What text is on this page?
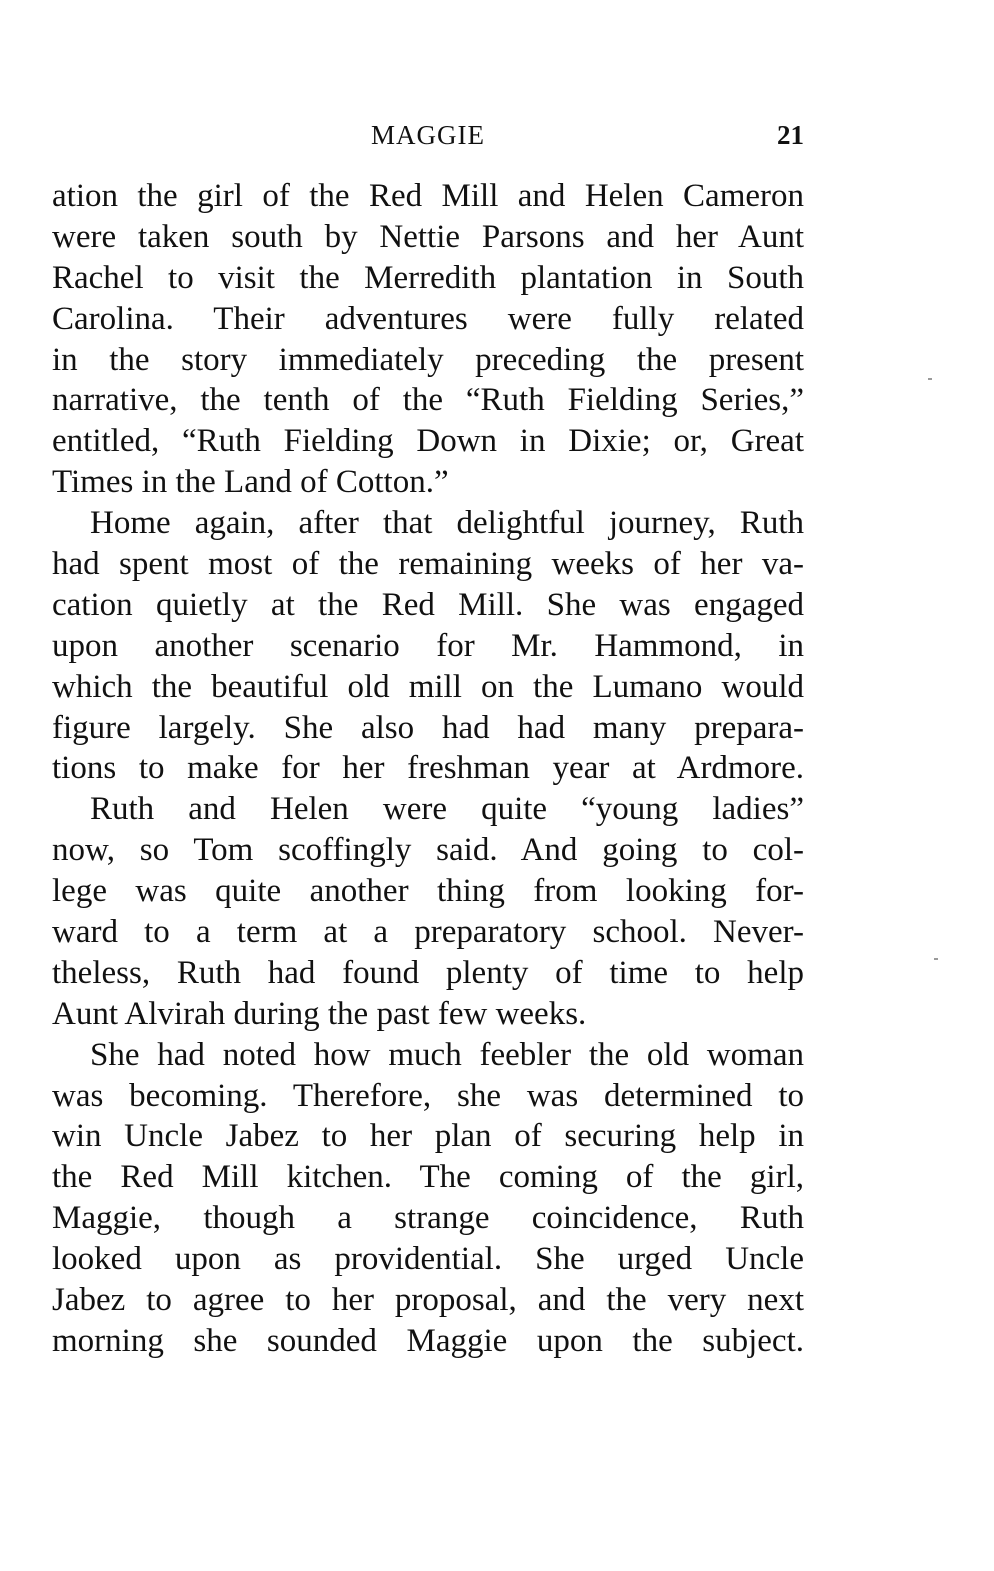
MAGGIE	21
ation the girl of the Red Mill and Helen Cameron
were taken south by Nettie Parsons and her Aunt
Rachel to visit the Merredith plantation in South
Carolina. Their adventures were fully related
in the story immediately preceding the present
narrative, the tenth of the “Ruth Fielding Series,”
entitled, “Ruth Fielding Down in Dixie; or, Great
Times in the Land of Cotton.”
Home again, after that delightful journey, Ruth
had spent most of the remaining weeks of her va-
cation quietly at the Red Mill. She was engaged
upon another scenario for Mr. Hammond, in
which the beautiful old mill on the Lumano would
figure largely. She also had had many prepara-
tions to make for her freshman year at Ardmore.
Ruth and Helen were quite “young ladies”
now, so Tom scoffingly said. And going to col-
lege was quite another thing from looking for-
ward to a term at a preparatory school. Never-
theless, Ruth had found plenty of time to help
Aunt Alvirah during the past few weeks.
She had noted how much feebler the old woman
was becoming. Therefore, she was determined to
win Uncle Jabez to her plan of securing help in
the Red Mill kitchen. The coming of the girl,
Maggie, though a strange coincidence, Ruth
looked upon as providential. She urged Uncle
Jabez to agree to her proposal, and the very next
morning she sounded Maggie upon the subject.
